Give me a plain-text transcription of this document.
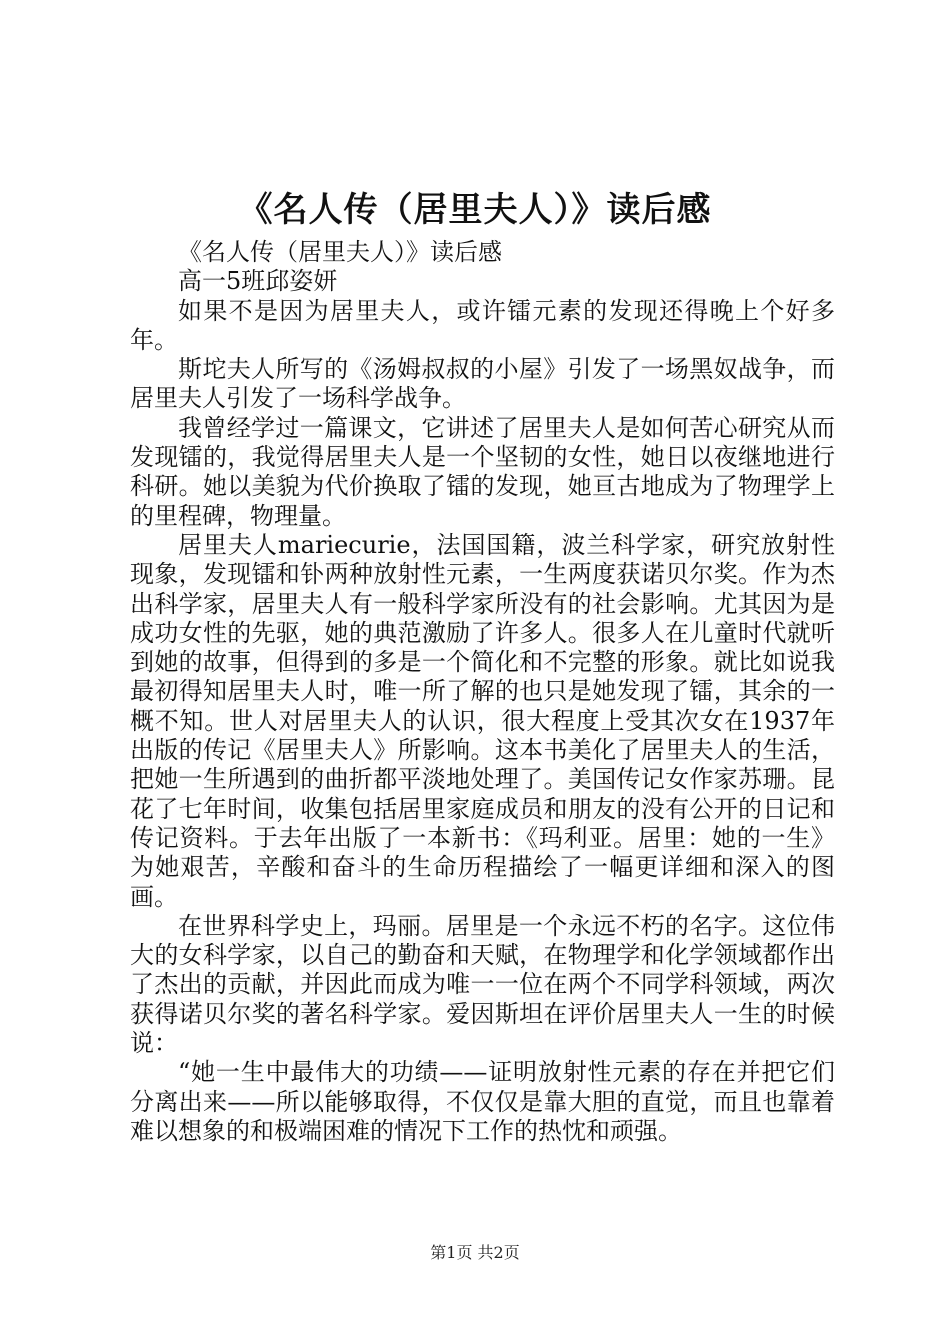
《名人传（居里夫人）》读后感

《名人传（居里夫人）》读后感

高一5班邱姿妍

如果不是因为居里夫人，或许镭元素的发现还得晚上个好多年。

斯坨夫人所写的《汤姆叔叔的小屋》引发了一场黑奴战争，而居里夫人引发了一场科学战争。

我曾经学过一篇课文，它讲述了居里夫人是如何苦心研究从而发现镭的，我觉得居里夫人是一个坚韧的女性，她日以夜继地进行科研。她以美貌为代价换取了镭的发现，她亘古地成为了物理学上的里程碑，物理量。

居里夫人mariecurie，法国国籍，波兰科学家，研究放射性现象，发现镭和钋两种放射性元素，一生两度获诺贝尔奖。作为杰出科学家，居里夫人有一般科学家所没有的社会影响。尤其因为是成功女性的先驱，她的典范激励了许多人。很多人在儿童时代就听到她的故事，但得到的多是一个简化和不完整的形象。就比如说我最初得知居里夫人时，唯一所了解的也只是她发现了镭，其余的一概不知。世人对居里夫人的认识，很大程度上受其次女在1937年出版的传记《居里夫人》所影响。这本书美化了居里夫人的生活，把她一生所遇到的曲折都平淡地处理了。美国传记女作家苏珊。昆花了七年时间，收集包括居里家庭成员和朋友的没有公开的日记和传记资料。于去年出版了一本新书：《玛利亚。居里：她的一生》为她艰苦，辛酸和奋斗的生命历程描绘了一幅更详细和深入的图画。

在世界科学史上，玛丽。居里是一个永远不朽的名字。这位伟大的女科学家，以自己的勤奋和天赋，在物理学和化学领域都作出了杰出的贡献，并因此而成为唯一一位在两个不同学科领域，两次获得诺贝尔奖的著名科学家。爱因斯坦在评价居里夫人一生的时候说：

“她一生中最伟大的功绩——证明放射性元素的存在并把它们分离出来——所以能够取得，不仅仅是靠大胆的直觉，而且也靠着难以想象的和极端困难的情况下工作的热忱和顽强。

第1页 共2页
